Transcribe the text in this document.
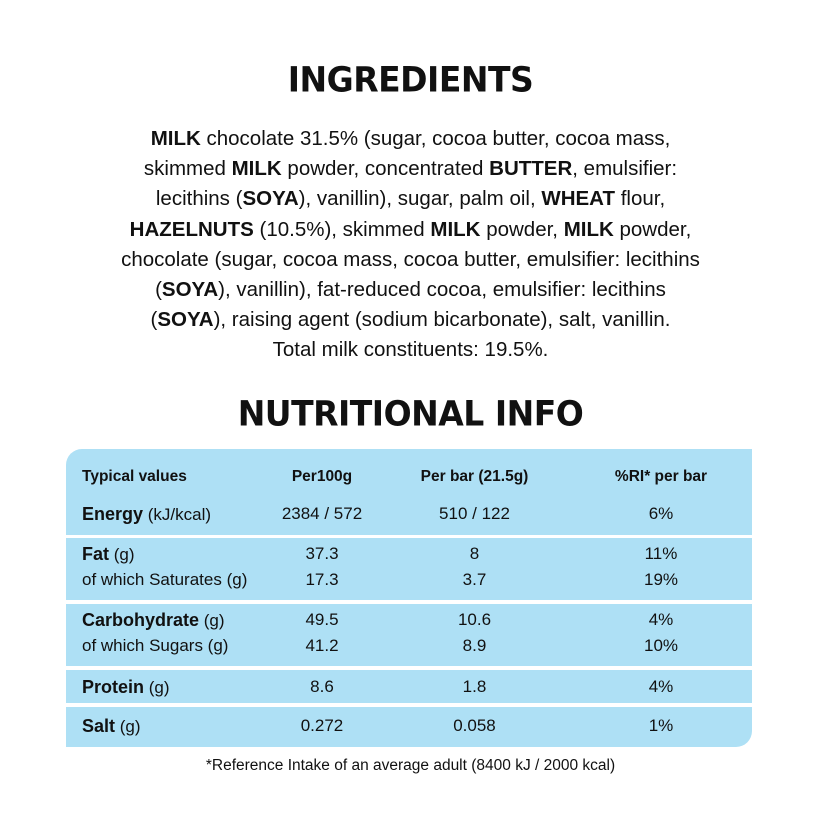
INGREDIENTS

MILK chocolate 31.5% (sugar, cocoa butter, cocoa mass,
skimmed MILK powder, concentrated BUTTER, emulsifier:
lecithins (SOYA), vanillin), sugar, palm oil, WHEAT flour,
HAZELNUTS (10.5%), skimmed MILK powder, MILK powder,
chocolate (sugar, cocoa mass, cocoa butter, emulsifier: lecithins
(SOYA), vanillin), fat-reduced cocoa, emulsifier: lecithins
(SOYA), raising agent (sodium bicarbonate), salt, vanillin.
Total milk constituents: 19.5%.

NUTRITIONAL INFO
Typical values	Per100g	Per bar (21.5g)	%RI* per bar
Energy (kJ/kcal)	2384 / 572	510 / 122	6%
Fat (g)	37.3	8	11%
of which Saturates (g)	17.3	3.7	19%
Carbohydrate (g)	49.5	10.6	4%
of which Sugars (g)	41.2	8.9	10%
Protein (g)	8.6	1.8	4%
Salt (g)	0.272	0.058	1%

*Reference Intake of an average adult (8400 kJ / 2000 kcal)
